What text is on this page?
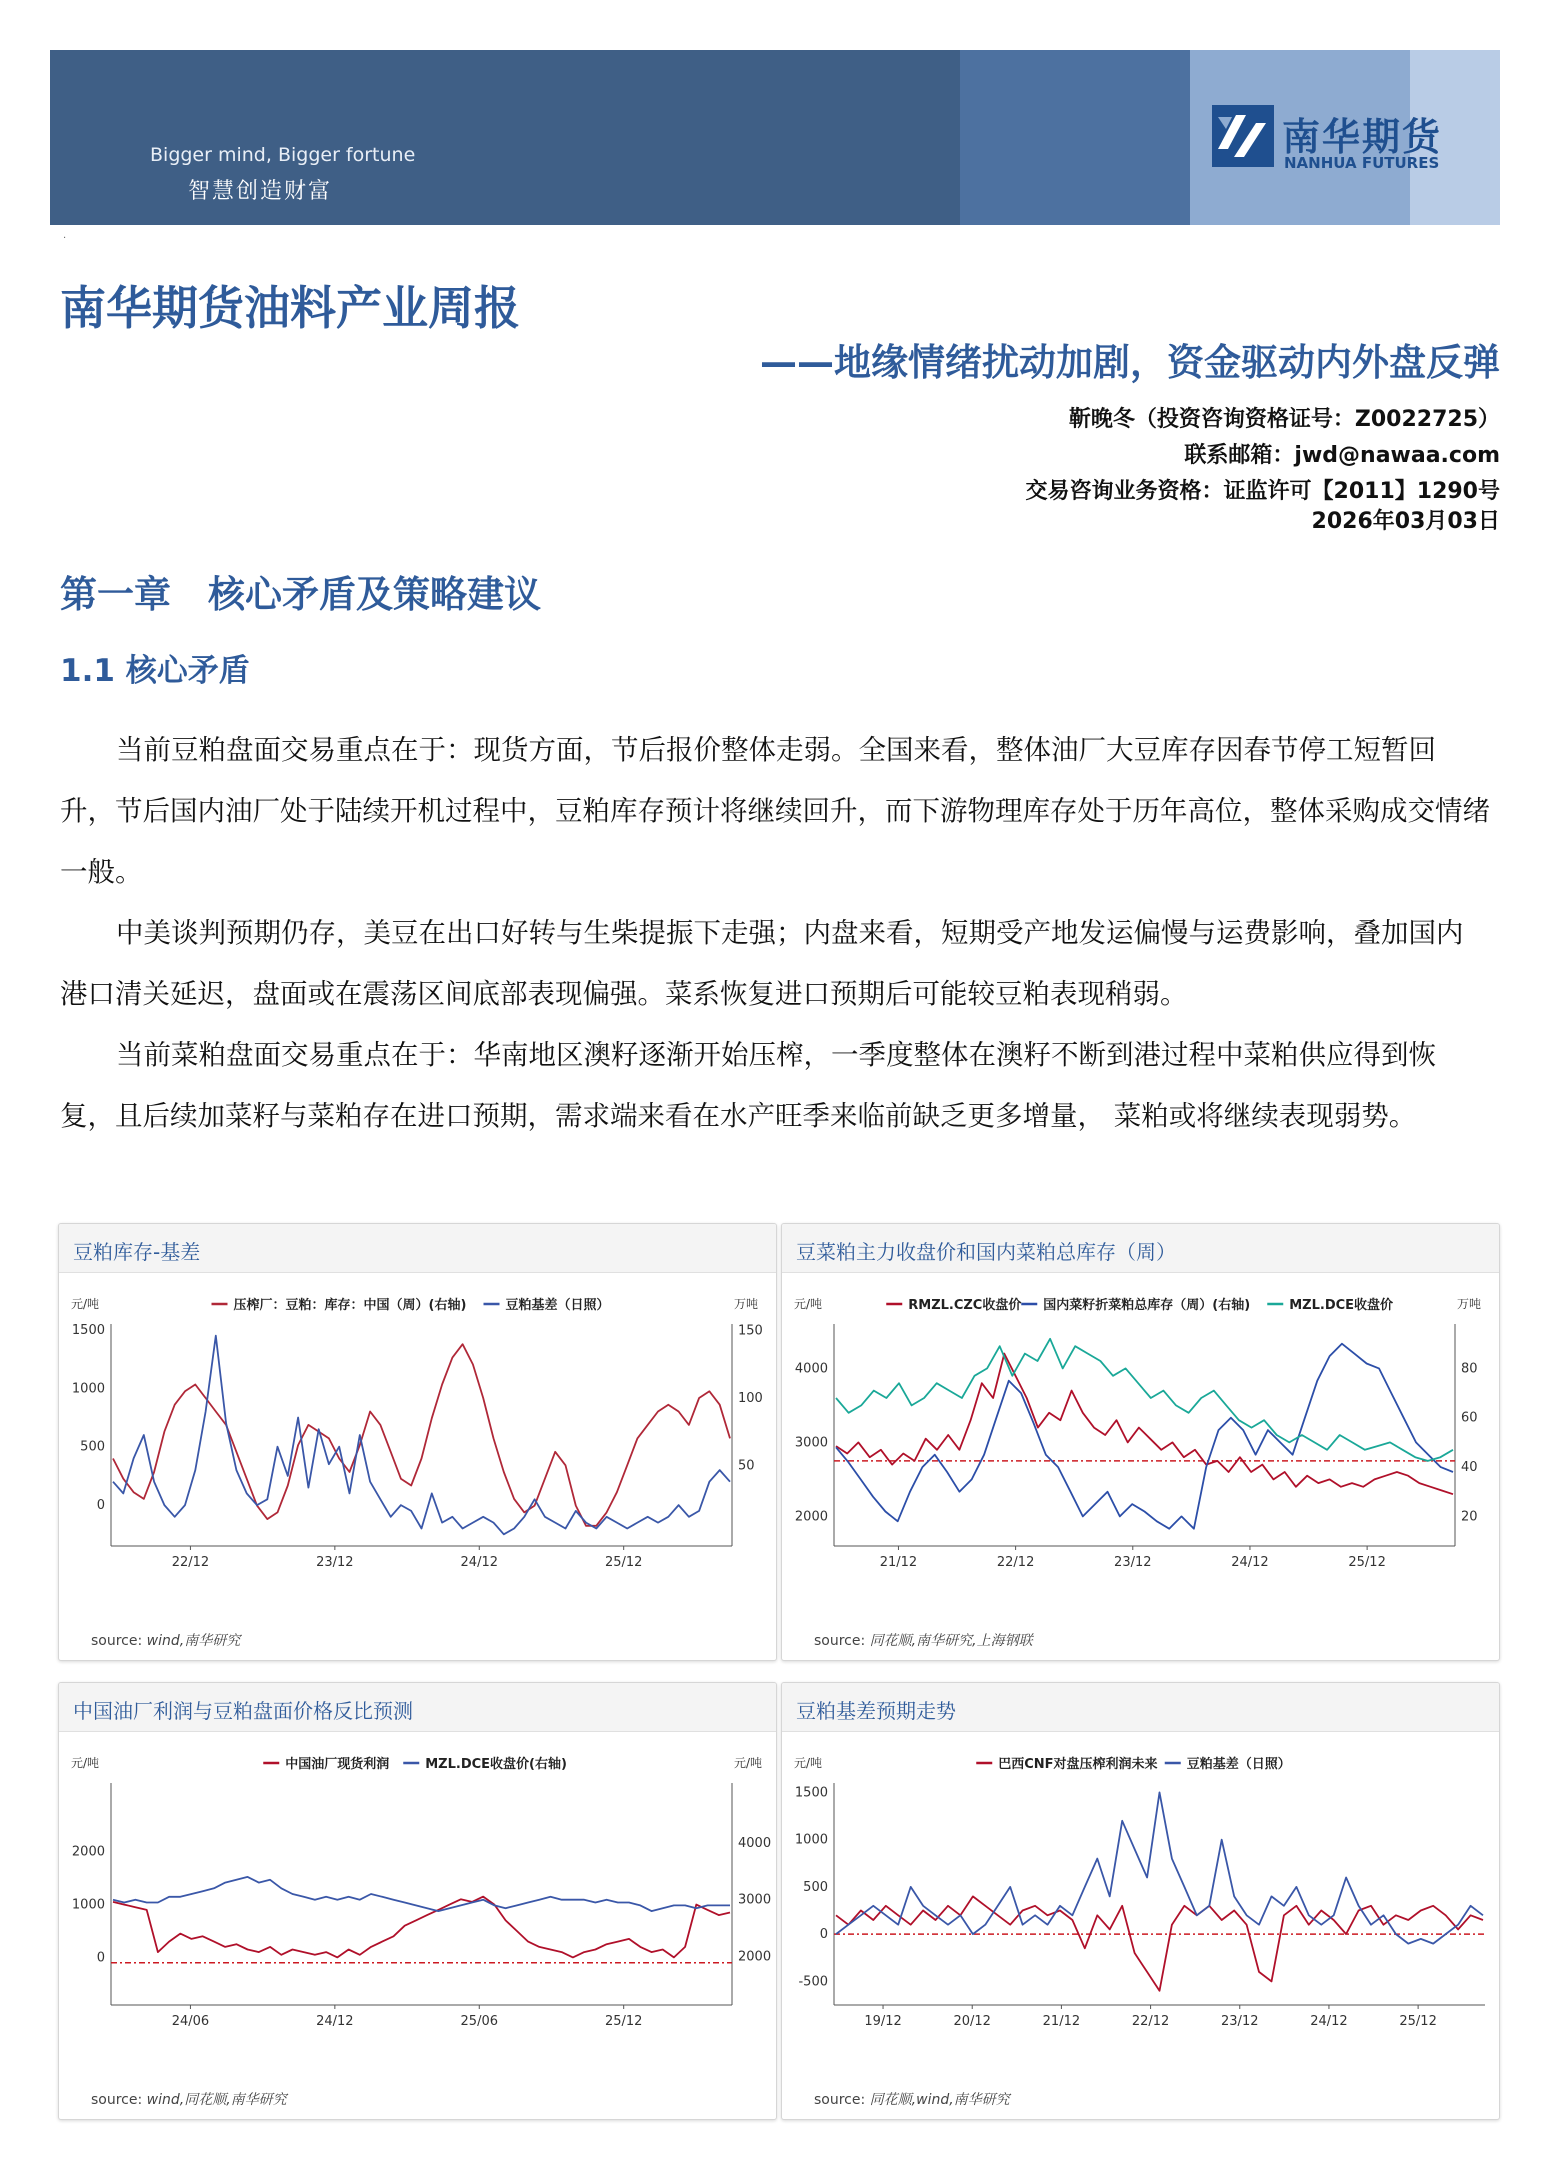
Bigger mind, Bigger fortune
智慧创造财富
南华期货
NANHUA FUTURES
·
南华期货油料产业周报
——地缘情绪扰动加剧，资金驱动内外盘反弹
靳晚冬（投资咨询资格证号：Z0022725）
联系邮箱：jwd@nawaa.com
交易咨询业务资格：证监许可【2011】1290号
2026年03月03日
第一章　核心矛盾及策略建议
1.1 核心矛盾

当前豆粕盘面交易重点在于：现货方面，节后报价整体走弱。全国来看，整体油厂大豆库存因春节停工短暂回升，节后国内油厂处于陆续开机过程中，豆粕库存预计将继续回升，而下游物理库存处于历年高位，整体采购成交情绪一般。

中美谈判预期仍存，美豆在出口好转与生柴提振下走强；内盘来看，短期受产地发运偏慢与运费影响，叠加国内港口清关延迟，盘面或在震荡区间底部表现偏强。菜系恢复进口预期后可能较豆粕表现稍弱。

当前菜粕盘面交易重点在于：华南地区澳籽逐渐开始压榨，一季度整体在澳籽不断到港过程中菜粕供应得到恢复，且后续加菜籽与菜粕存在进口预期，需求端来看在水产旺季来临前缺乏更多增量， 菜粕或将继续表现弱势。

豆粕库存-基差
元/吨	万吨
压榨厂：豆粕：库存：中国（周）(右轴)	豆粕基差（日照）
1500
1000
500
0
150
100
50
22/12	23/12	24/12	25/12
source: wind,南华研究
豆菜粕主力收盘价和国内菜粕总库存（周）
元/吨	万吨
RMZL.CZC收盘价 国内菜籽折菜粕总库存（周）(右轴)	MZL.DCE收盘价
4000
3000
2000
80
60
40
20
21/12	22/12	23/12	24/12	25/12
source: 同花顺,南华研究,上海钢联
中国油厂利润与豆粕盘面价格反比预测
元/吨	元/吨
中国油厂现货利润	MZL.DCE收盘价(右轴)
2000
1000
0
4000
3000
2000
24/06	24/12	25/06	25/12
source: wind,同花顺,南华研究
豆粕基差预期走势
元/吨	巴西CNF对盘压榨利润未来 豆粕基差（日照）
1500
1000
500
0
-500
19/12	20/12	21/12	22/12	23/12	24/12	25/12
source: 同花顺,wind,南华研究
